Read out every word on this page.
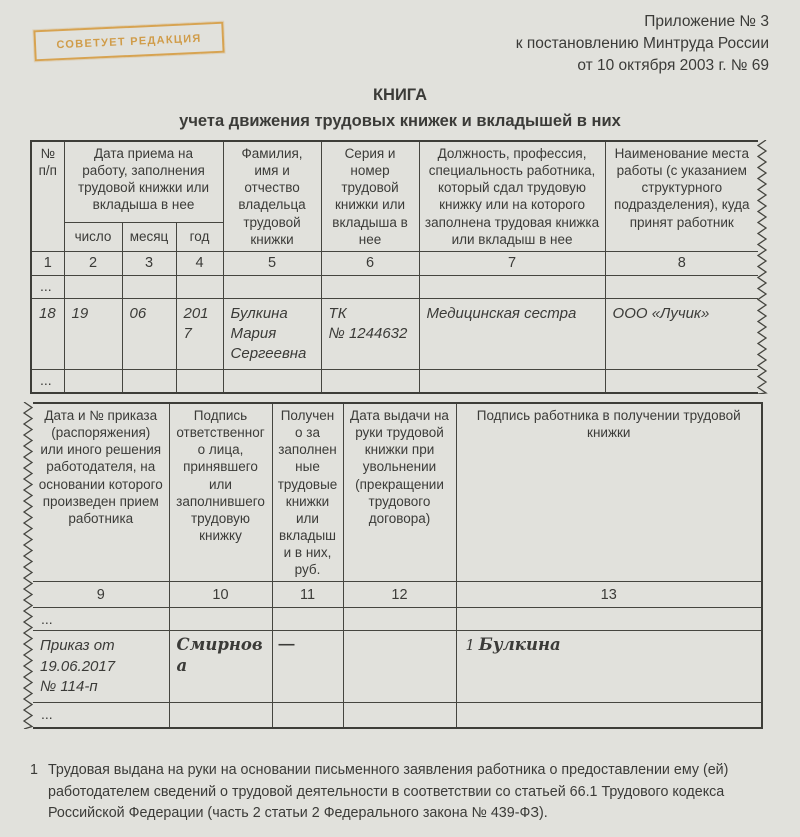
СОВЕТУЕТ РЕДАКЦИЯ
Приложение № 3
к постановлению Минтруда России
от 10 октября 2003 г. № 69
КНИГА
учета движения трудовых книжек и вкладышей в них
№ п/п	Дата приема на работу, заполнения трудовой книжки или вкладыша в нее			Фамилия, имя и отчество владельца трудовой книжки	Серия и номер трудовой книжки или вкладыша в нее	Должность, профессия, специальность работника, который сдал трудовую книжку или на которого заполнена трудовая книжка или вкладыш в нее	Наименование места работы (с указанием структурного подразделения), куда принят работник
	число	месяц	год				
1	2	3	4	5	6	7	8
...							
18	19	06	2017	Булкина Мария Сергеевна	ТК № 1244632	Медицинская сестра	ООО «Лучик»
...							
Дата и № приказа (распоряжения) или иного решения работодателя, на основании которого произведен прием работника	Подпись ответственного лица, принявшего или заполнившего трудовую книжку	Получено за заполненные трудовые книжки или вкладыши в них, руб.	Дата выдачи на руки трудовой книжки при увольнении (прекращении трудового договора)	Подпись работника в получении трудовой книжки
9	10	11	12	13
...				
Приказ от 19.06.2017 № 114-п	Смирнова	—		1 Булкина
...				
1 Трудовая выдана на руки на основании письменного заявления работника о предоставлении ему (ей) работодателем сведений о трудовой деятельности в соответствии со статьей 66.1 Трудового кодекса Российской Федерации (часть 2 статьи 2 Федерального закона № 439-ФЗ).
